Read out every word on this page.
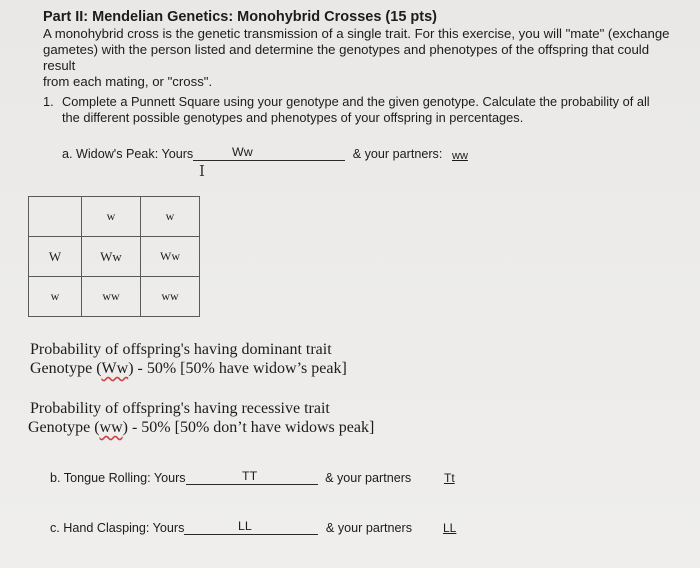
Part II: Mendelian Genetics: Monohybrid Crosses (15 pts)
A monohybrid cross is the genetic transmission of a single trait. For this exercise, you will "mate" (exchange
gametes) with the person listed and determine the genotypes and phenotypes of the offspring that could result
from each mating, or "cross".
1. Complete a Punnett Square using your genotype and the given genotype. Calculate the probability of all
the different possible genotypes and phenotypes of your offspring in percentages.
a. Widow's Peak: Yours	& your partners:
Ww	ww
I
	w	w
W	Ww	Ww
w	ww	ww
Probability of offspring's having dominant trait
Genotype (Ww) - 50% [50% have widow’s peak]
Probability of offspring's having recessive trait
Genotype (ww) - 50% [50% don’t have widows peak]
b. Tongue Rolling: Yours	& your partners
TT	Tt
c. Hand Clasping: Yours	& your partners
LL	LL
